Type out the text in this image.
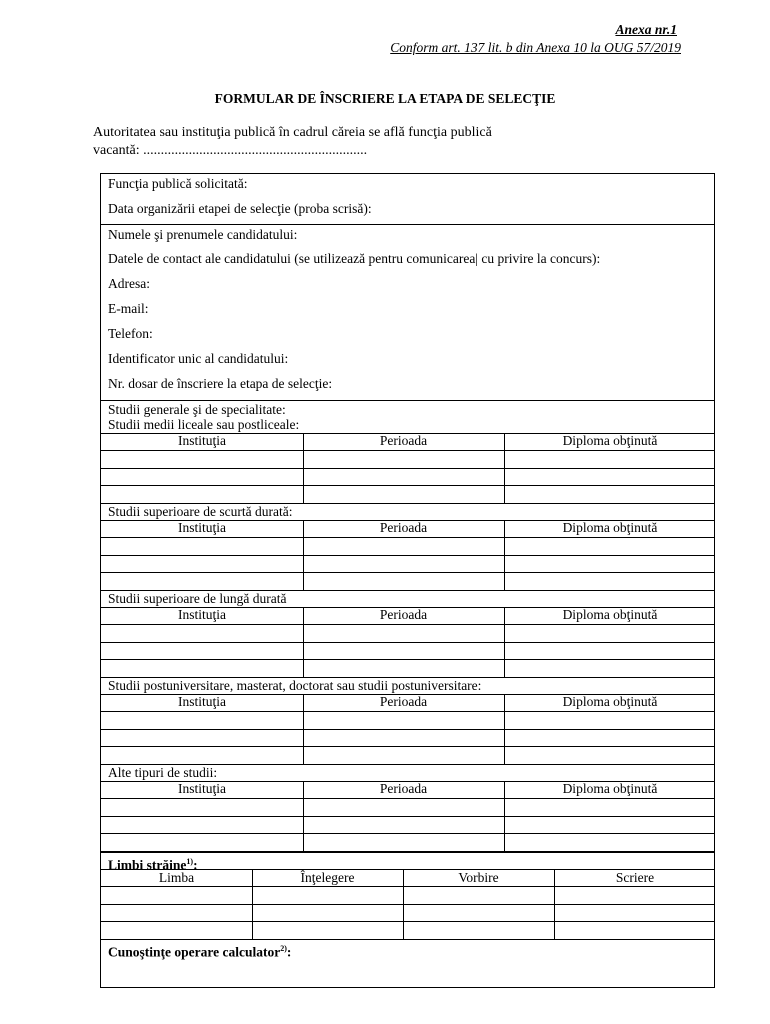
Anexa nr.1
Conform art. 137 lit. b din Anexa 10 la OUG 57/2019
FORMULAR DE ÎNSCRIERE LA ETAPA DE SELECŢIE
Autoritatea sau instituţia publică în cadrul căreia se află funcţia publică
vacantă: ................................................................
Funcţia publică solicitată:
Data organizării etapei de selecţie (proba scrisă):
Numele şi prenumele candidatului:
Datele de contact ale candidatului (se utilizează pentru comunicarea| cu privire la concurs):
Adresa:
E-mail:
Telefon:
Identificator unic al candidatului:
Nr. dosar de înscriere la etapa de selecţie:
Studii generale şi de specialitate:
Studii medii liceale sau postliceale:
Instituţia	Perioada	Diploma obţinută
Studii superioare de scurtă durată:
Instituţia	Perioada	Diploma obţinută
Studii superioare de lungă durată
Instituţia	Perioada	Diploma obţinută
Studii postuniversitare, masterat, doctorat sau studii postuniversitare:
Instituţia	Perioada	Diploma obţinută
Alte tipuri de studii:
Instituţia	Perioada	Diploma obţinută
Limbi străine$^{1)}$:
Limba	Înţelegere	Vorbire	Scriere
Cunoştinţe operare calculator$^{2)}$:
